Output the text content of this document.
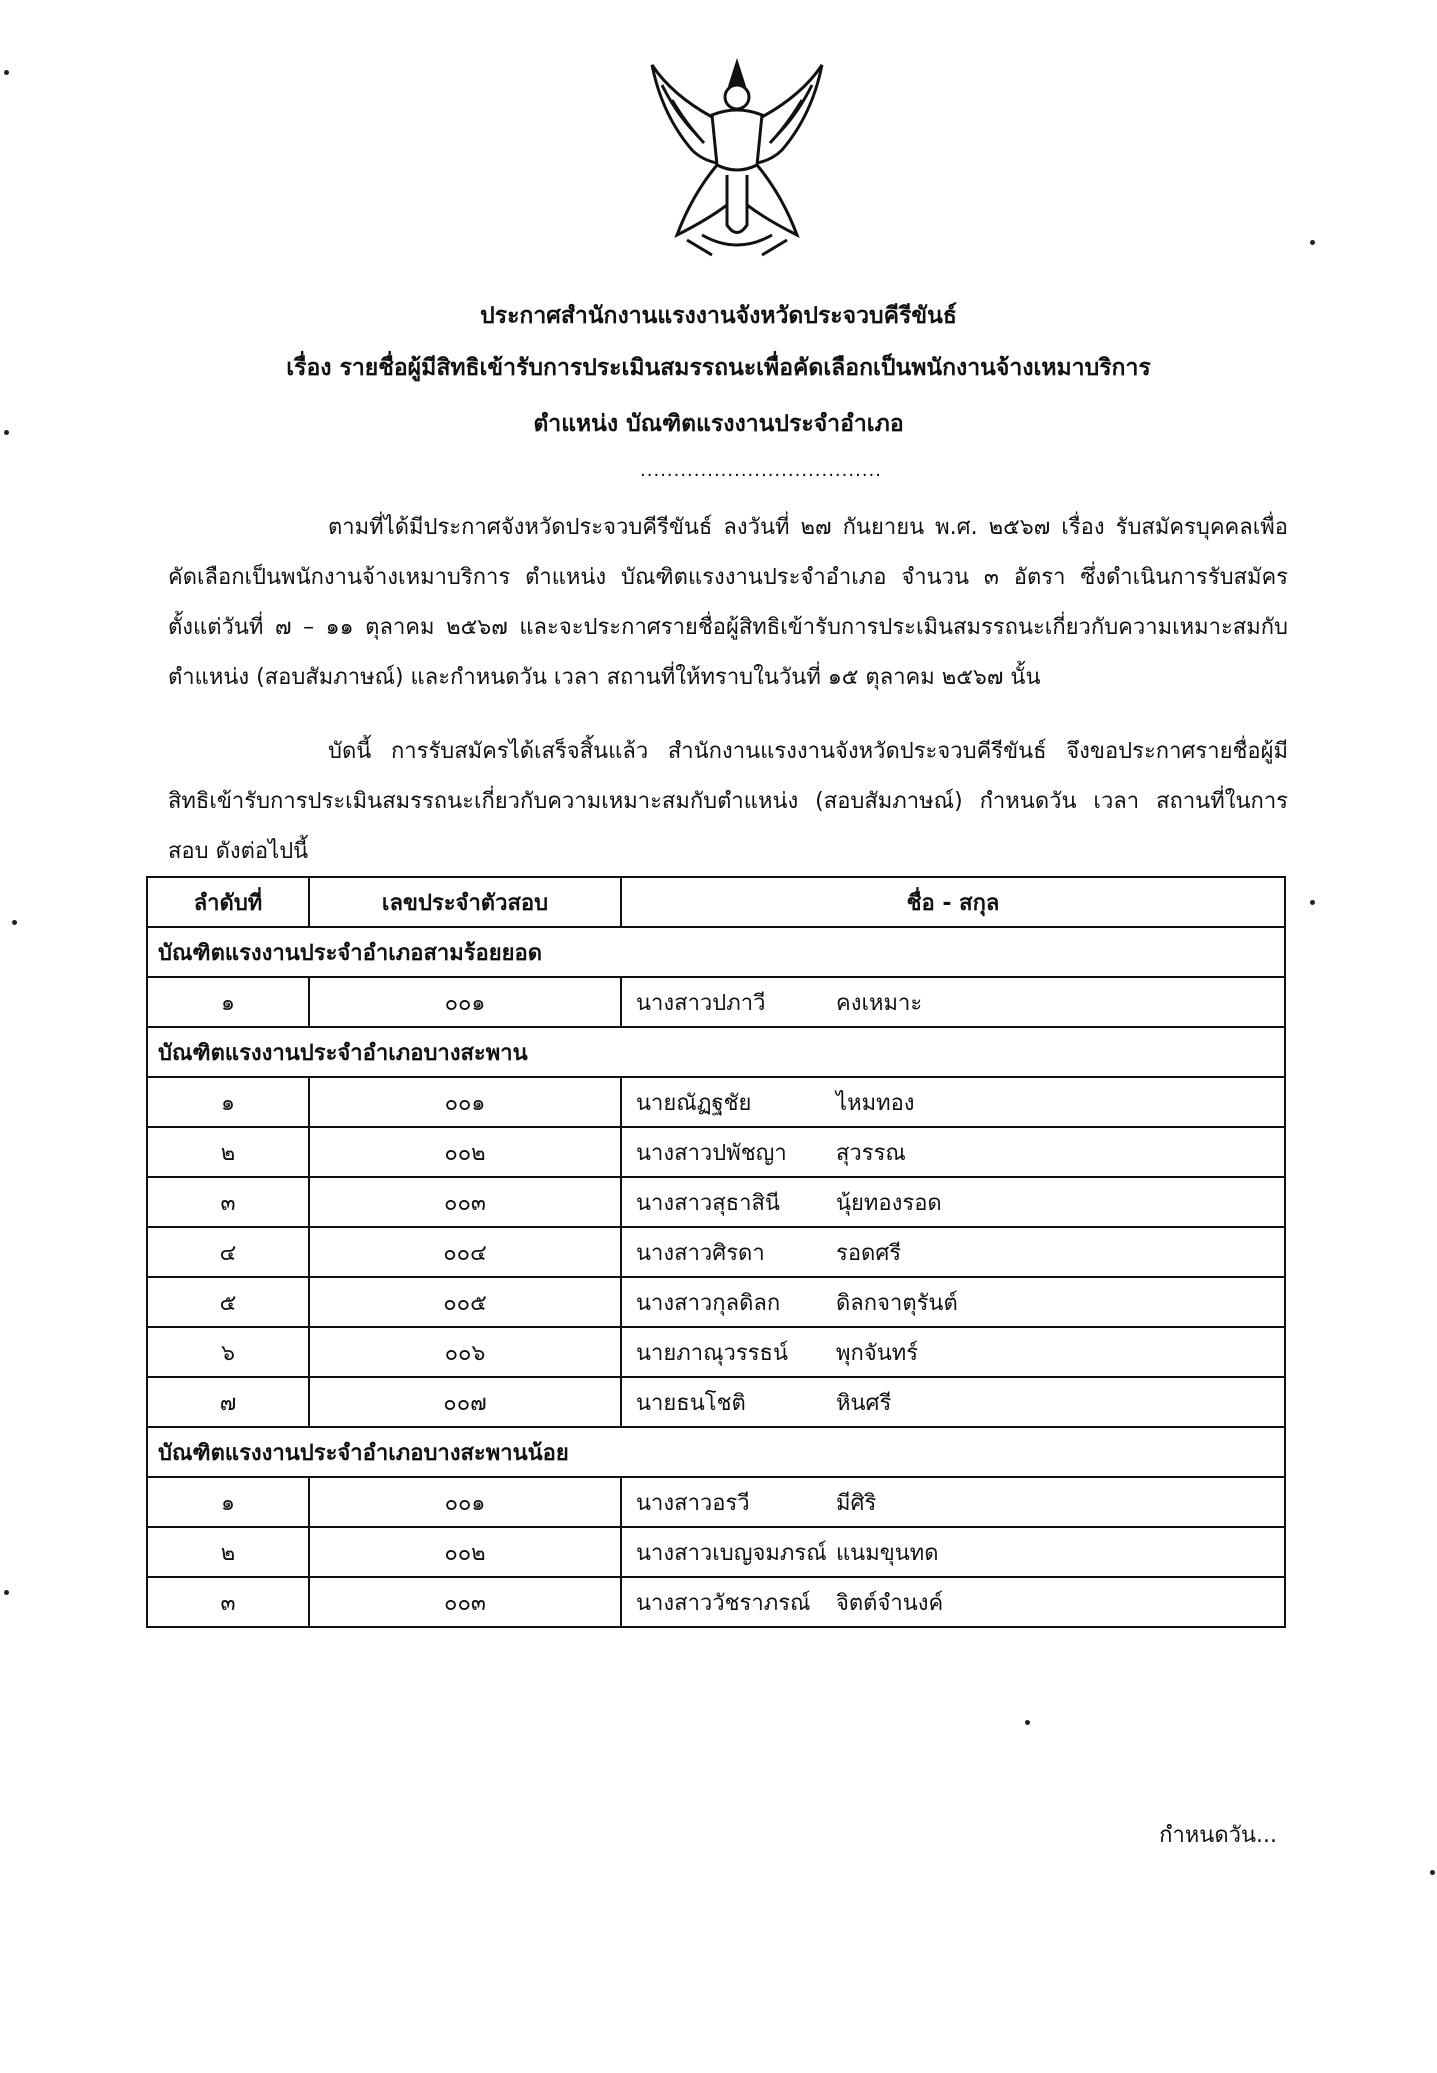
ประกาศสำนักงานแรงงานจังหวัดประจวบคีรีขันธ์
เรื่อง รายชื่อผู้มีสิทธิเข้ารับการประเมินสมรรถนะเพื่อคัดเลือกเป็นพนักงานจ้างเหมาบริการ
ตำแหน่ง บัณฑิตแรงงานประจำอำเภอ
....................................
ตามที่ได้มีประกาศจังหวัดประจวบคีรีขันธ์ ลงวันที่ ๒๗ กันยายน พ.ศ. ๒๕๖๗ เรื่อง รับสมัครบุคคลเพื่อคัดเลือกเป็นพนักงานจ้างเหมาบริการ ตำแหน่ง บัณฑิตแรงงานประจำอำเภอ จำนวน ๓ อัตรา ซึ่งดำเนินการรับสมัครตั้งแต่วันที่ ๗ – ๑๑ ตุลาคม ๒๕๖๗ และจะประกาศรายชื่อผู้สิทธิเข้ารับการประเมินสมรรถนะเกี่ยวกับความเหมาะสมกับตำแหน่ง (สอบสัมภาษณ์) และกำหนดวัน เวลา สถานที่ให้ทราบในวันที่ ๑๕ ตุลาคม ๒๕๖๗ นั้น
บัดนี้ การรับสมัครได้เสร็จสิ้นแล้ว สำนักงานแรงงานจังหวัดประจวบคีรีขันธ์ จึงขอประกาศรายชื่อผู้มีสิทธิเข้ารับการประเมินสมรรถนะเกี่ยวกับความเหมาะสมกับตำแหน่ง (สอบสัมภาษณ์) กำหนดวัน เวลา สถานที่ในการสอบ ดังต่อไปนี้
ลำดับที่	เลขประจำตัวสอบ	ชื่อ - สกุล
บัณฑิตแรงงานประจำอำเภอสามร้อยยอด		
๑	๐๐๑	นางสาวปภาวี คงเหมาะ
บัณฑิตแรงงานประจำอำเภอบางสะพาน		
๑	๐๐๑	นายณัฏฐชัย ไหมทอง
๒	๐๐๒	นางสาวปพัชญา สุวรรณ
๓	๐๐๓	นางสาวสุธาสินี นุ้ยทองรอด
๔	๐๐๔	นางสาวศิรดา รอดศรี
๕	๐๐๕	นางสาวกุลดิลก ดิลกจาตุรันต์
๖	๐๐๖	นายภาณุวรรธน์ พุกจันทร์
๗	๐๐๗	นายธนโชติ หินศรี
บัณฑิตแรงงานประจำอำเภอบางสะพานน้อย		
๑	๐๐๑	นางสาวอรวี มีศิริ
๒	๐๐๒	นางสาวเบญจมภรณ์ แนมขุนทด
๓	๐๐๓	นางสาววัชราภรณ์ จิตต์จำนงค์
กำหนดวัน...
